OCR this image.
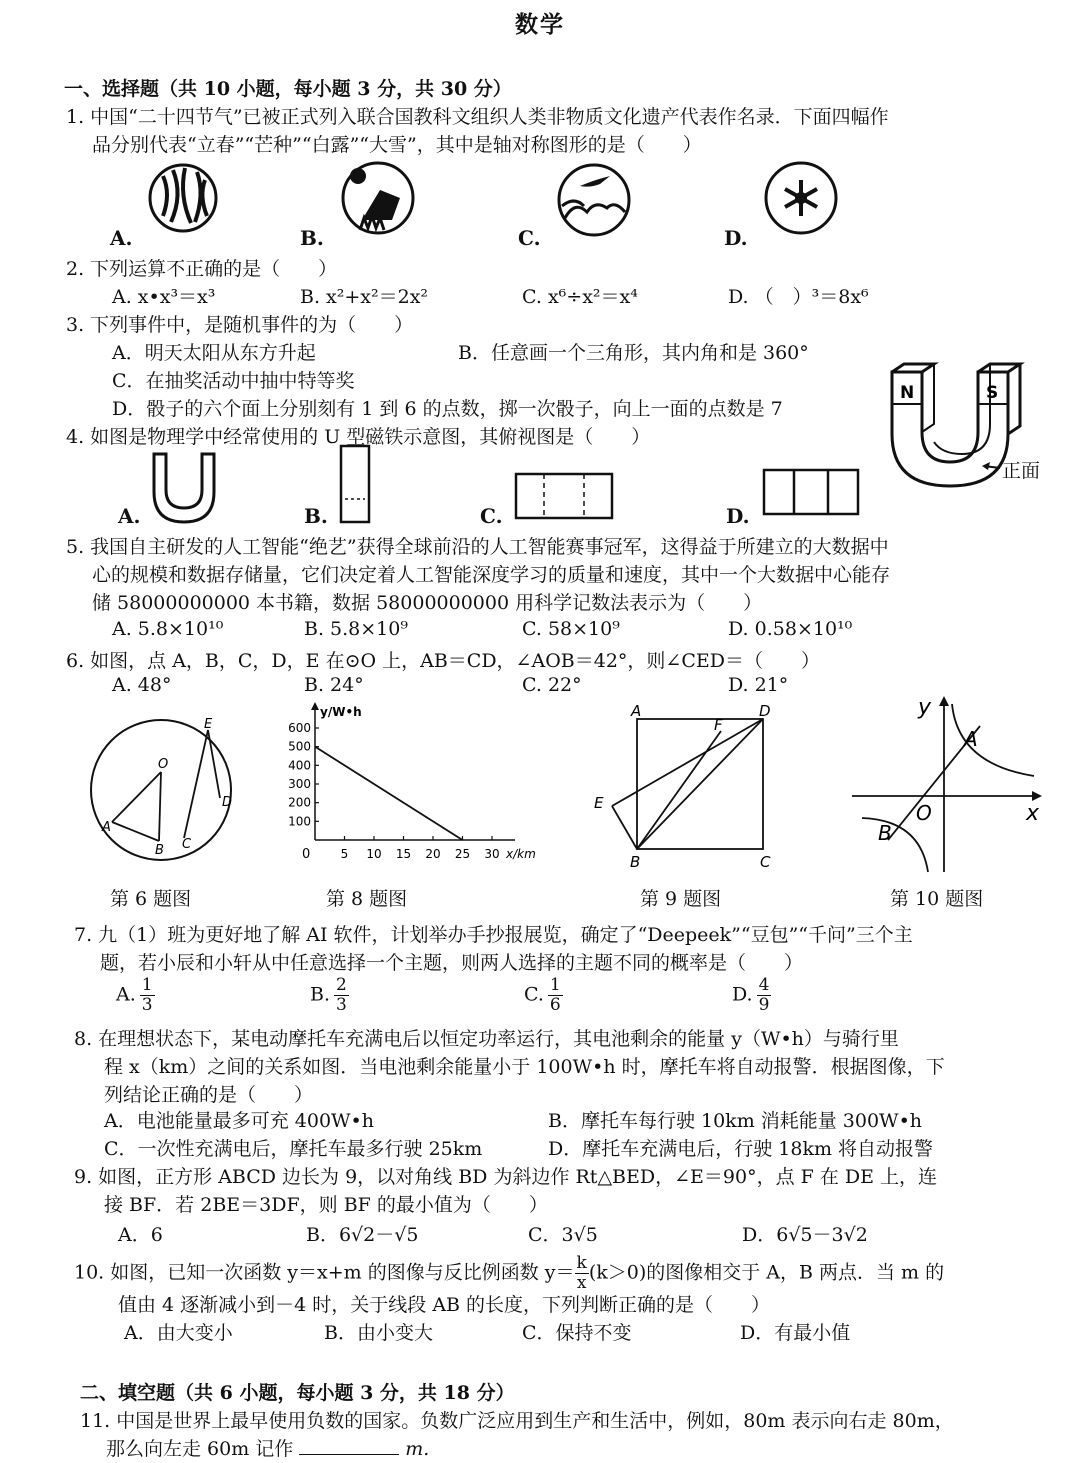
数学
一、选择题（共 10 小题，每小题 3 分，共 30 分）
1. 中国“二十四节气”已被正式列入联合国教科文组织人类非物质文化遗产代表作名录．下面四幅作
品分别代表“立春”“芒种”“白露”“大雪”，其中是轴对称图形的是（　　）
A.	B.	C.	D.
2. 下列运算不正确的是（　　）
A. x•x³＝x³	B. x²+x²＝2x²	C. x⁶÷x²＝x⁴	D. （　）³＝8x⁶
3. 下列事件中，是随机事件的为（　　）
A．明天太阳从东方升起	B．任意画一个三角形，其内角和是 360°
C．在抽奖活动中抽中特等奖
D．骰子的六个面上分别刻有 1 到 6 的点数，掷一次骰子，向上一面的点数是 7
N	S
正面
4. 如图是物理学中经常使用的 U 型磁铁示意图，其俯视图是（　　）
A.	B.	C.	D.
5. 我国自主研发的人工智能“绝艺”获得全球前沿的人工智能赛事冠军，这得益于所建立的大数据中
心的规模和数据存储量，它们决定着人工智能深度学习的质量和速度，其中一个大数据中心能存
储 58000000000 本书籍，数据 58000000000 用科学记数法表示为（　　）
A. 5.8×10¹⁰	B. 5.8×10⁹	C. 58×10⁹	D. 0.58×10¹⁰
6. 如图，点 A，B，C，D，E 在⊙O 上，AB＝CD，∠AOB＝42°，则∠CED＝（　　）
A. 48°	B. 24°	C. 22°	D. 21°
E
O
D
A
B C
y/W•h
x/km
0
100
200
300
400
500
600
5 10 15 20 25 30
A	D
F
E
B	C
y
x
O
A
B
第 6 题图	第 8 题图	第 9 题图	第 10 题图
7. 九（1）班为更好地了解 AI 软件，计划举办手抄报展览，确定了“Deepeek”“豆包”“千问”三个主
题，若小辰和小轩从中任意选择一个主题，则两人选择的主题不同的概率是（　　）
A. $\frac{1}{3}$	B. $\frac{2}{3}$	C. $\frac{1}{6}$	D. $\frac{4}{9}$
8. 在理想状态下，某电动摩托车充满电后以恒定功率运行，其电池剩余的能量 y（W•h）与骑行里
程 x（km）之间的关系如图．当电池剩余能量小于 100W•h 时，摩托车将自动报警．根据图像，下
列结论正确的是（　　）
A．电池能量最多可充 400W•h	B．摩托车每行驶 10km 消耗能量 300W•h
C．一次性充满电后，摩托车最多行驶 25km	D．摩托车充满电后，行驶 18km 将自动报警
9. 如图，正方形 ABCD 边长为 9，以对角线 BD 为斜边作 Rt△BED，∠E＝90°，点 F 在 DE 上，连
接 BF．若 2BE＝3DF，则 BF 的最小值为（　　）
A．6	B．6√2－√5	C．3√5	D．6√5－3√2
10. 如图，已知一次函数 y＝x+m 的图像与反比例函数 $y= \frac{k}{x} (k>0)$的图像相交于 A，B 两点．当 m 的
值由 4 逐渐减小到－4 时，关于线段 AB 的长度，下列判断正确的是（　　）
A．由大变小	B．由小变大	C．保持不变	D．有最小值
二、填空题（共 6 小题，每小题 3 分，共 18 分）
11. 中国是世界上最早使用负数的国家。负数广泛应用到生产和生活中，例如，80m 表示向右走 80m，
那么向左走 60m 记作	m.
